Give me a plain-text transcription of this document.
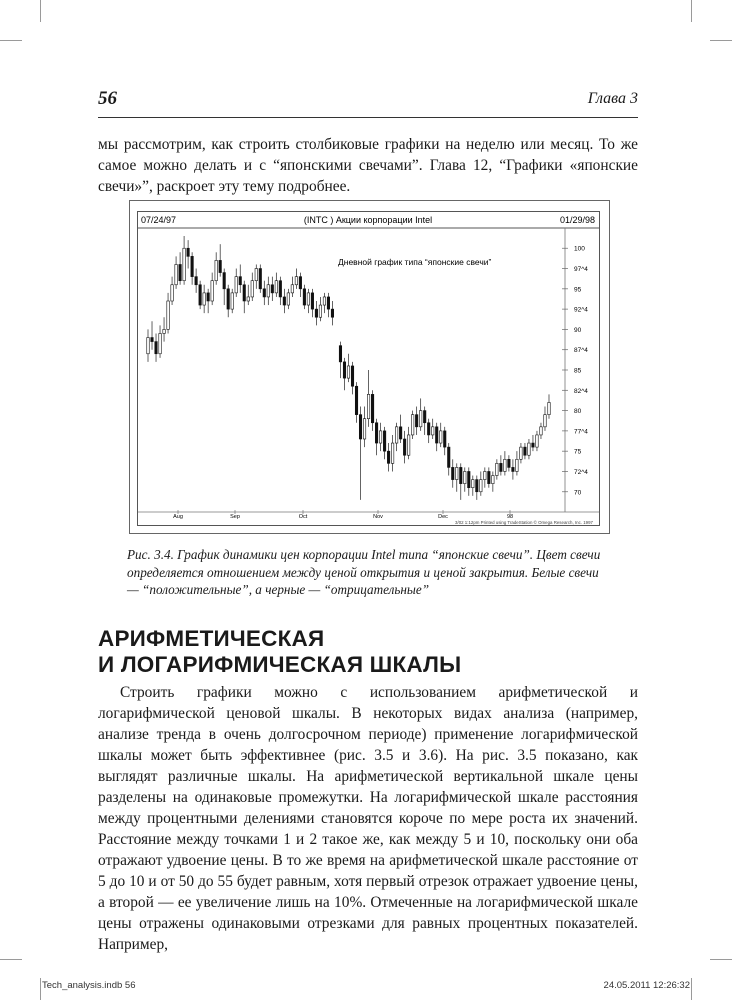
56	Глава 3

мы рассмотрим, как строить столбиковые графики на неделю или месяц. То же самое можно делать и с “японскими свечами”. Глава 12, “Графики «японские свечи»”, раскроет эту тему подробнее.

07/24/97	(INTC ) Акции корпорации Intel	01/29/98
Дневной график типа “японские свечи”
3/02 1:12pm Printed using TradeStation © Omega Research, Inc. 1997
100
97^4
95
92^4
90
87^4
85
82^4
80
77^4
75
72^4
70
Aug	Sep	Oct	Nov	Dec	98

Рис. 3.4. График динамики цен корпорации Intel типа “японские свечи”. Цвет свечи определяется отношением между ценой открытия и ценой закрытия. Белые свечи — “положительные”, а черные — “отрицательные”

АРИФМЕТИЧЕСКАЯ
И ЛОГАРИФМИЧЕСКАЯ ШКАЛЫ

Строить графики можно с использованием арифметической и логарифмической ценовой шкалы. В некоторых видах анализа (например, анализе тренда в очень долгосрочном периоде) применение логарифмической шкалы может быть эффективнее (рис. 3.5 и 3.6). На рис. 3.5 показано, как выглядят различные шкалы. На арифметической вертикальной шкале цены разделены на одинаковые промежутки. На логарифмической шкале расстояния между процентными делениями становятся короче по мере роста их значений. Расстояние между точками 1 и 2 такое же, как между 5 и 10, поскольку они оба отражают удвоение цены. В то же время на арифметической шкале расстояние от 5 до 10 и от 50 до 55 будет равным, хотя первый отрезок отражает удвоение цены, а второй — ее увеличение лишь на 10%. Отмеченные на логарифмической шкале цены отражены одинаковыми отрезками для равных процентных показателей. Например,

Tech_analysis.indb 56	24.05.2011 12:26:32
